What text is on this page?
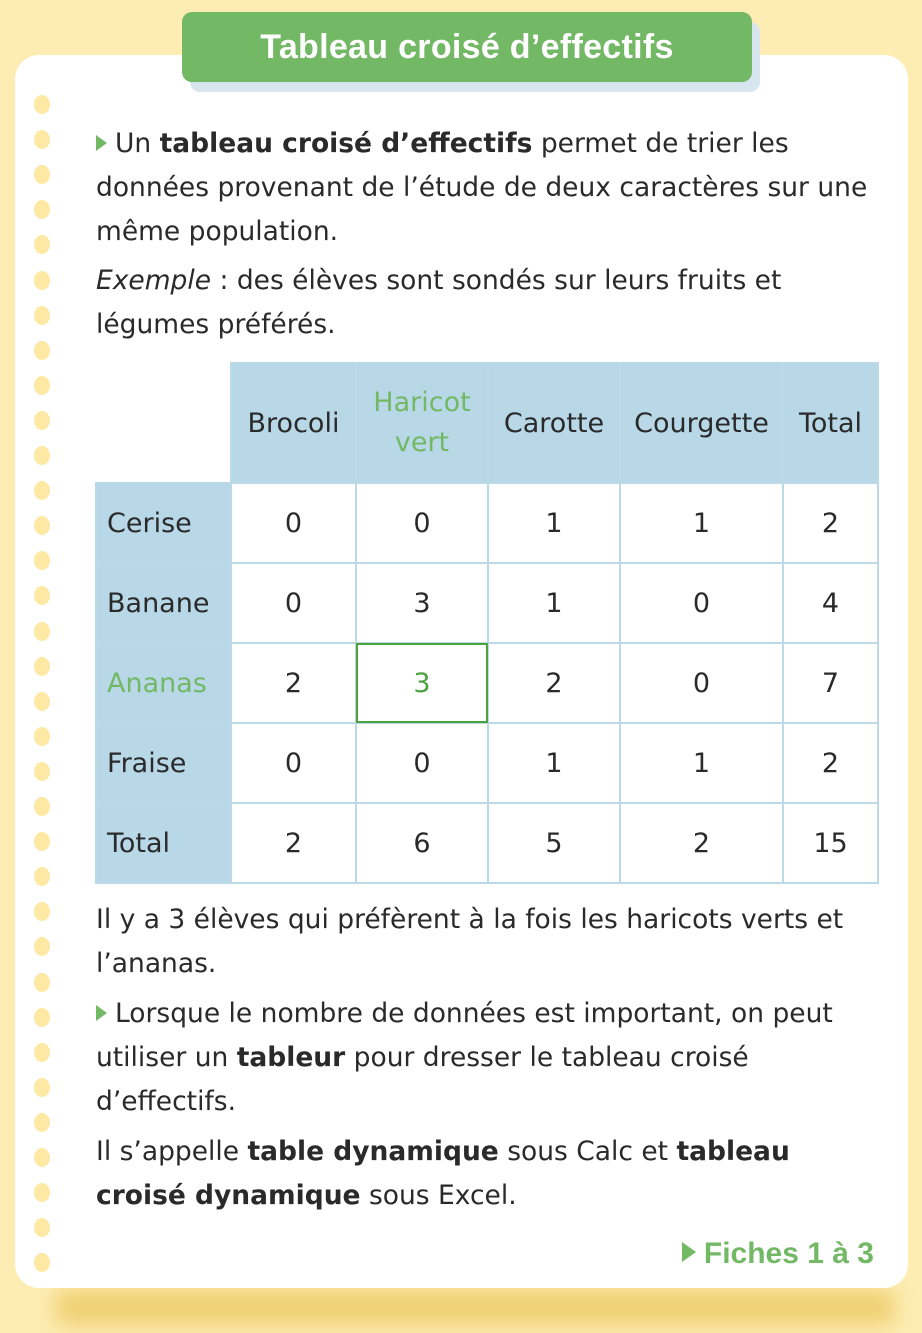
Tableau croisé d’effectifs
Un tableau croisé d’effectifs permet de trier les données provenant de l’étude de deux caractères sur une même population.
Exemple : des élèves sont sondés sur leurs fruits et légumes préférés.
	Brocoli	Haricot vert	Carotte	Courgette	Total
Cerise	0	0	1	1	2
Banane	0	3	1	0	4
Ananas	2	3	2	0	7
Fraise	0	0	1	1	2
Total	2	6	5	2	15
Il y a 3 élèves qui préfèrent à la fois les haricots verts et l’ananas.
Lorsque le nombre de données est important, on peut utiliser un tableur pour dresser le tableau croisé d’effectifs.
Il s’appelle table dynamique sous Calc et tableau croisé dynamique sous Excel.
Fiches 1 à 3
